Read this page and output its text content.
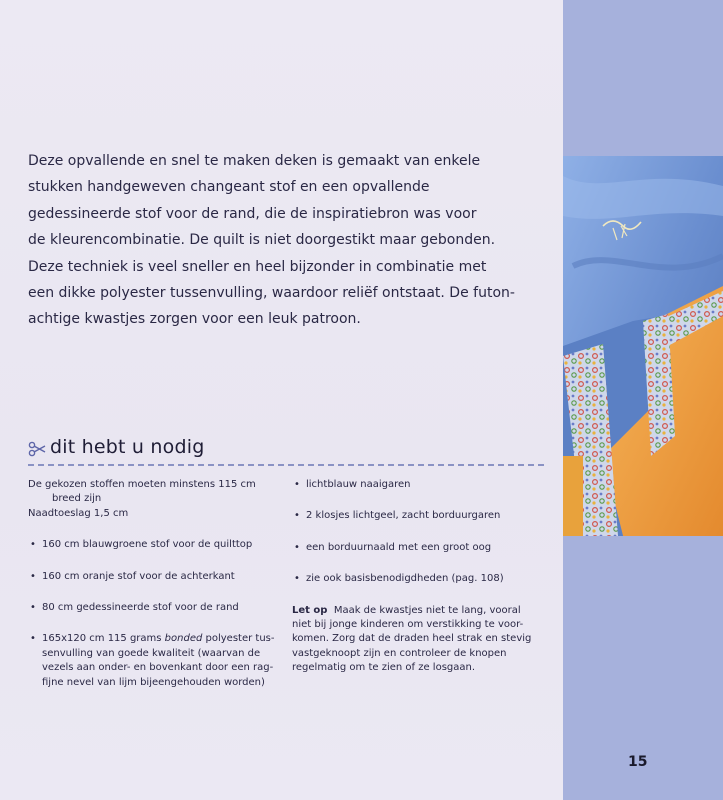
Deze opvallende en snel te maken deken is gemaakt van enkele
stukken handgeweven changeant stof en een opvallende
gedessineerde stof voor de rand, die de inspiratiebron was voor
de kleurencombinatie. De quilt is niet doorgestikt maar gebonden.
Deze techniek is veel sneller en heel bijzonder in combinatie met
een dikke polyester tussenvulling, waardoor reliëf ontstaat. De futon-
achtige kwastjes zorgen voor een leuk patroon.
dit hebt u nodig

De gekozen stoffen moeten minstens 115 cm

breed zijn

Naadtoeslag 1,5 cm

• 160 cm blauwgroene stof voor de quilttop
• 160 cm oranje stof voor de achterkant
• 80 cm gedessineerde stof voor de rand
• 165x120 cm 115 grams bonded polyester tus-
senvulling van goede kwaliteit (waarvan de
vezels aan onder- en bovenkant door een rag-
fijne nevel van lijm bijeengehouden worden)
• lichtblauw naaigaren
• 2 klosjes lichtgeel, zacht borduurgaren
• een borduurnaald met een groot oog
• zie ook basisbenodigdheden (pag. 108)
Let op Maak de kwastjes niet te lang, vooral
niet bij jonge kinderen om verstikking te voor-
komen. Zorg dat de draden heel strak en stevig
vastgeknoopt zijn en controleer de knopen
regelmatig om te zien of ze losgaan.
15
